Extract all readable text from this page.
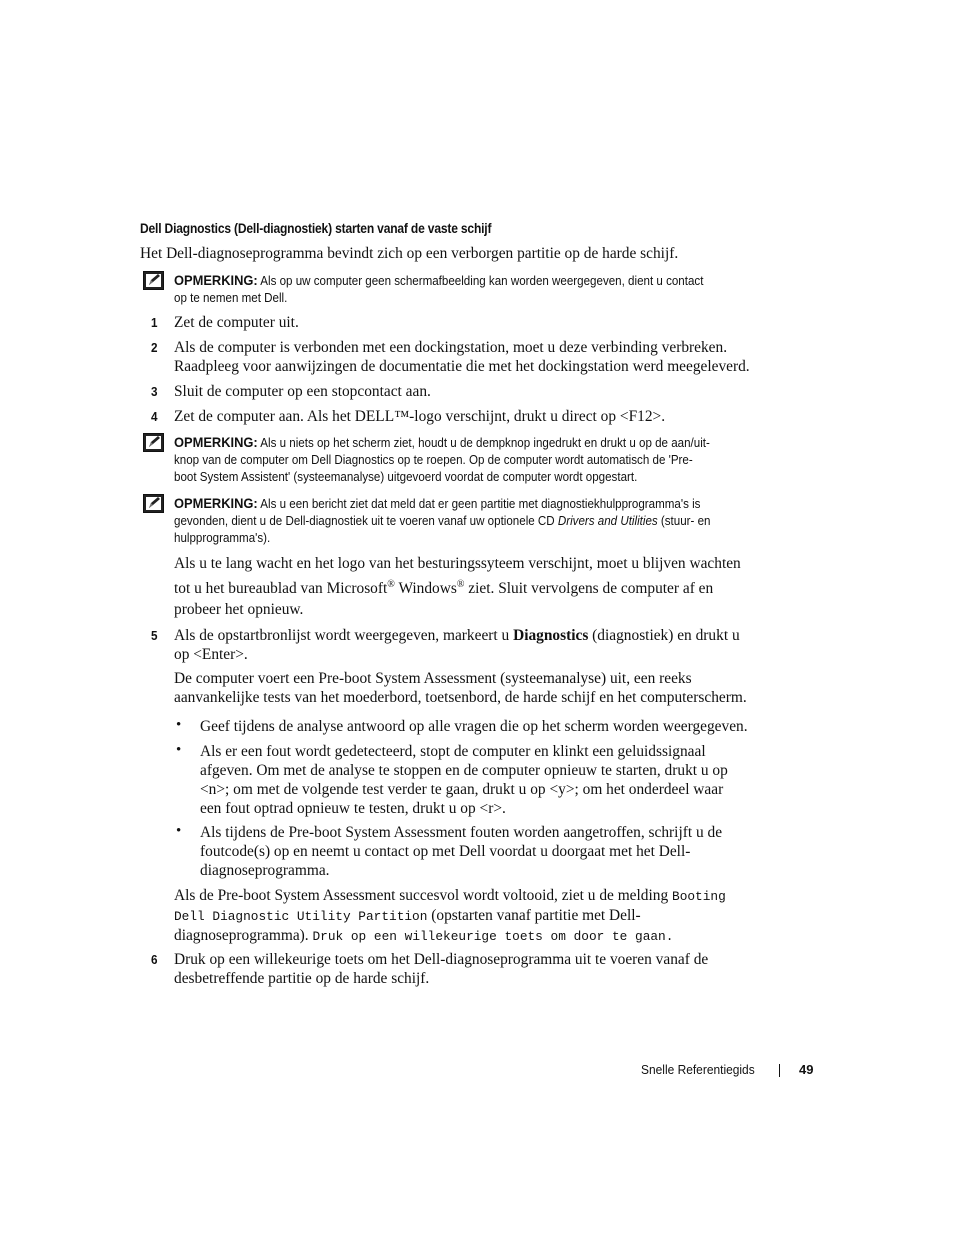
Dell Diagnostics (Dell-diagnostiek) starten vanaf de vaste schijf
Het Dell-diagnoseprogramma bevindt zich op een verborgen partitie op de harde schijf.
OPMERKING: Als op uw computer geen schermafbeelding kan worden weergegeven, dient u contact
op te nemen met Dell.
1 Zet de computer uit.
2 Als de computer is verbonden met een dockingstation, moet u deze verbinding verbreken.
Raadpleeg voor aanwijzingen de documentatie die met het dockingstation werd meegeleverd.
3 Sluit de computer op een stopcontact aan.
4 Zet de computer aan. Als het DELL™-logo verschijnt, drukt u direct op <F12>.
OPMERKING: Als u niets op het scherm ziet, houdt u de dempknop ingedrukt en drukt u op de aan/uit-
knop van de computer om Dell Diagnostics op te roepen. Op de computer wordt automatisch de 'Pre-
boot System Assistent' (systeemanalyse) uitgevoerd voordat de computer wordt opgestart.
OPMERKING: Als u een bericht ziet dat meld dat er geen partitie met diagnostiekhulpprogramma's is
gevonden, dient u de Dell-diagnostiek uit te voeren vanaf uw optionele CD Drivers and Utilities (stuur- en
hulpprogramma's).
Als u te lang wacht en het logo van het besturingssyteem verschijnt, moet u blijven wachten
tot u het bureaublad van Microsoft® Windows® ziet. Sluit vervolgens de computer af en
probeer het opnieuw.
5 Als de opstartbronlijst wordt weergegeven, markeert u Diagnostics (diagnostiek) en drukt u
op <Enter>.
De computer voert een Pre-boot System Assessment (systeemanalyse) uit, een reeks
aanvankelijke tests van het moederbord, toetsenbord, de harde schijf en het computerscherm.
• Geef tijdens de analyse antwoord op alle vragen die op het scherm worden weergegeven.
• Als er een fout wordt gedetecteerd, stopt de computer en klinkt een geluidssignaal
afgeven. Om met de analyse te stoppen en de computer opnieuw te starten, drukt u op
<n>; om met de volgende test verder te gaan, drukt u op <y>; om het onderdeel waar
een fout optrad opnieuw te testen, drukt u op <r>.
• Als tijdens de Pre-boot System Assessment fouten worden aangetroffen, schrijft u de
foutcode(s) op en neemt u contact op met Dell voordat u doorgaat met het Dell-
diagnoseprogramma.
Als de Pre-boot System Assessment succesvol wordt voltooid, ziet u de melding Booting
Dell Diagnostic Utility Partition (opstarten vanaf partitie met Dell-
diagnoseprogramma). Druk op een willekeurige toets om door te gaan.
6 Druk op een willekeurige toets om het Dell-diagnoseprogramma uit te voeren vanaf de
desbetreffende partitie op de harde schijf.
Snelle Referentiegids	49
